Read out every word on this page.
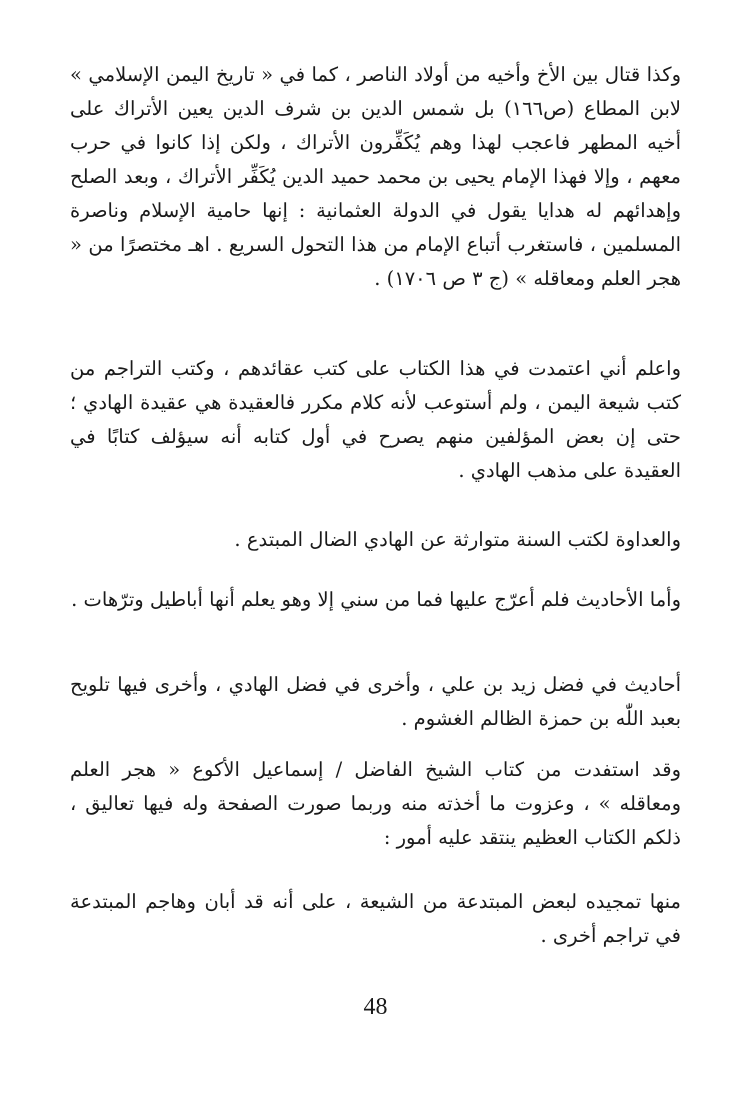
وكذا قتال بين الأخ وأخيه من أولاد الناصر ، كما في « تاريخ اليمن الإسلامي » لابن المطاع (ص١٦٦) بل شمس الدين بن شرف الدين يعين الأتراك على أخيه المطهر فاعجب لهذا وهم يُكَفِّرون الأتراك ، ولكن إذا كانوا في حرب معهم ، وإلا فهذا الإمام يحيى بن محمد حميد الدين يُكَفِّر الأتراك ، وبعد الصلح وإهدائهم له هدايا يقول في الدولة العثمانية : إنها حامية الإسلام وناصرة المسلمين ، فاستغرب أتباع الإمام من هذا التحول السريع . اهـ مختصرًا من « هجر العلم ومعاقله » (ج ٣ ص ١٧٠٦) .

واعلم أني اعتمدت في هذا الكتاب على كتب عقائدهم ، وكتب التراجم من كتب شيعة اليمن ، ولم أستوعب لأنه كلام مكرر فالعقيدة هي عقيدة الهادي ؛ حتى إن بعض المؤلفين منهم يصرح في أول كتابه أنه سيؤلف كتابًا في العقيدة على مذهب الهادي .

والعداوة لكتب السنة متوارثة عن الهادي الضال المبتدع .

وأما الأحاديث فلم أعرّج عليها فما من سني إلا وهو يعلم أنها أباطيل وترّهات .

أحاديث في فضل زيد بن علي ، وأخرى في فضل الهادي ، وأخرى فيها تلويح بعبد اللّٰه بن حمزة الظالم الغشوم .

وقد استفدت من كتاب الشيخ الفاضل / إسماعيل الأكوع « هجر العلم ومعاقله » ، وعزوت ما أخذته منه وربما صورت الصفحة وله فيها تعاليق ، ذلكم الكتاب العظيم ينتقد عليه أمور :

منها تمجيده لبعض المبتدعة من الشيعة ، على أنه قد أبان وهاجم المبتدعة في تراجم أخرى .

48
